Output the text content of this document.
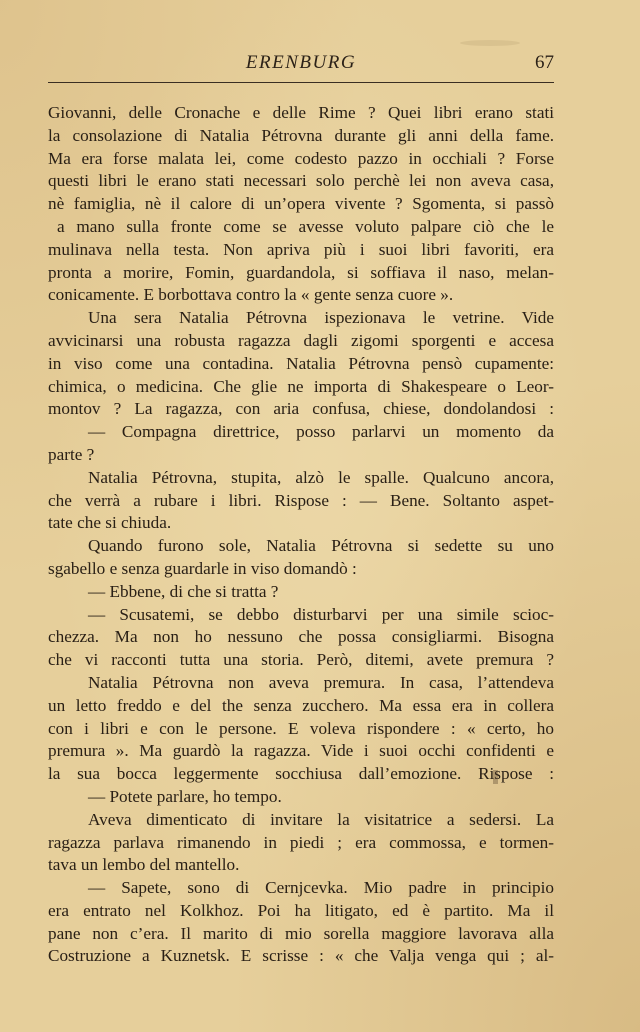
ERENBURG	67
Giovanni, delle Cronache e delle Rime ? Quei libri erano stati
la consolazione di Natalia Pétrovna durante gli anni della fame.
Ma era forse malata lei, come codesto pazzo in occhiali ? Forse
questi libri le erano stati necessari solo perchè lei non aveva casa,
nè famiglia, nè il calore di un’opera vivente ? Sgomenta, si passò
a mano sulla fronte come se avesse voluto palpare ciò che le
mulinava nella testa. Non apriva più i suoi libri favoriti, era
pronta a morire, Fomin, guardandola, si soffiava il naso, melan-
conicamente. E borbottava contro la « gente senza cuore ».
Una sera Natalia Pétrovna ispezionava le vetrine. Vide
avvicinarsi una robusta ragazza dagli zigomi sporgenti e accesa
in viso come una contadina. Natalia Pétrovna pensò cupamente:
chimica, o medicina. Che glie ne importa di Shakespeare o Leor-
montov ? La ragazza, con aria confusa, chiese, dondolandosi :
— Compagna direttrice, posso parlarvi un momento da
parte ?
Natalia Pétrovna, stupita, alzò le spalle. Qualcuno ancora,
che verrà a rubare i libri. Rispose : — Bene. Soltanto aspet-
tate che si chiuda.
Quando furono sole, Natalia Pétrovna si sedette su uno
sgabello e senza guardarle in viso domandò :
— Ebbene, di che si tratta ?
— Scusatemi, se debbo disturbarvi per una simile scioc-
chezza. Ma non ho nessuno che possa consigliarmi. Bisogna
che vi racconti tutta una storia. Però, ditemi, avete premura ?
Natalia Pétrovna non aveva premura. In casa, l’attendeva
un letto freddo e del the senza zucchero. Ma essa era in collera
con i libri e con le persone. E voleva rispondere : « certo, ho
premura ». Ma guardò la ragazza. Vide i suoi occhi confidenti e
la sua bocca leggermente socchiusa dall’emozione. Rispose :
— Potete parlare, ho tempo.
Aveva dimenticato di invitare la visitatrice a sedersi. La
ragazza parlava rimanendo in piedi ; era commossa, e tormen-
tava un lembo del mantello.
— Sapete, sono di Cernjcevka. Mio padre in principio
era entrato nel Kolkhoz. Poi ha litigato, ed è partito. Ma il
pane non c’era. Il marito di mio sorella maggiore lavorava alla
Costruzione a Kuznetsk. E scrisse : « che Valja venga qui ; al-
